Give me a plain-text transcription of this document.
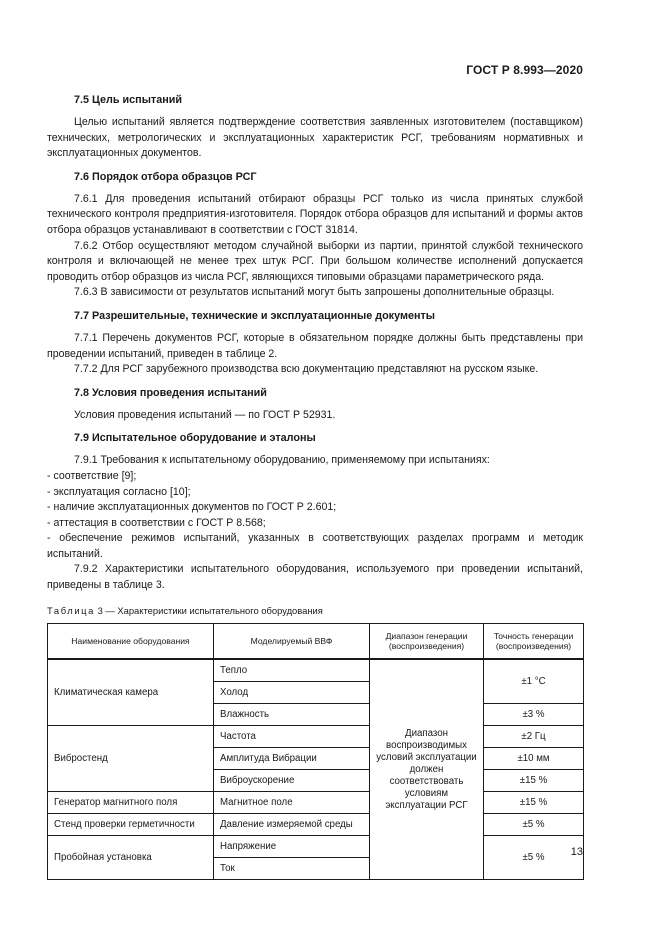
ГОСТ Р 8.993—2020
7.5 Цель испытаний

Целью испытаний является подтверждение соответствия заявленных изготовителем (поставщиком) технических, метрологических и эксплуатационных характеристик РСГ, требованиям нормативных и эксплуатационных документов.

7.6 Порядок отбора образцов РСГ

7.6.1 Для проведения испытаний отбирают образцы РСГ только из числа принятых службой технического контроля предприятия-изготовителя. Порядок отбора образцов для испытаний и формы актов отбора образцов устанавливают в соответствии с ГОСТ 31814.

7.6.2 Отбор осуществляют методом случайной выборки из партии, принятой службой технического контроля и включающей не менее трех штук РСГ. При большом количестве исполнений допускается проводить отбор образцов из числа РСГ, являющихся типовыми образцами параметрического ряда.

7.6.3 В зависимости от результатов испытаний могут быть запрошены дополнительные образцы.

7.7 Разрешительные, технические и эксплуатационные документы

7.7.1 Перечень документов РСГ, которые в обязательном порядке должны быть представлены при проведении испытаний, приведен в таблице 2.

7.7.2 Для РСГ зарубежного производства всю документацию представляют на русском языке.

7.8 Условия проведения испытаний

Условия проведения испытаний — по ГОСТ Р 52931.

7.9 Испытательное оборудование и эталоны

7.9.1 Требования к испытательному оборудованию, применяемому при испытаниях:

- соответствие [9];

- эксплуатация согласно [10];

- наличие эксплуатационных документов по ГОСТ Р 2.601;

- аттестация в соответствии с ГОСТ Р 8.568;

- обеспечение режимов испытаний, указанных в соответствующих разделах программ и методик испытаний.

7.9.2 Характеристики испытательного оборудования, используемого при проведении испытаний, приведены в таблице 3.

Таблица 3 — Характеристики испытательного оборудования
Наименование оборудования	Моделируемый ВВФ	Диапазон генерации (воспроизведения)	Точность генерации (воспроизведения)
Климатическая камера	Тепло	Диапазон воспроизводимых условий эксплуатации должен соответствовать условиям эксплуатации РСГ	±1 °С
	Холод		
	Влажность		±3 %
Вибростенд	Частота		±2 Гц
	Амплитуда Вибрации		±10 мм
	Виброускорение		±15 %
Генератор магнитного поля	Магнитное поле		±15 %
Стенд проверки герметичности	Давление измеряемой среды		±5 %
Пробойная установка	Напряжение		±5 %
	Ток		
13
